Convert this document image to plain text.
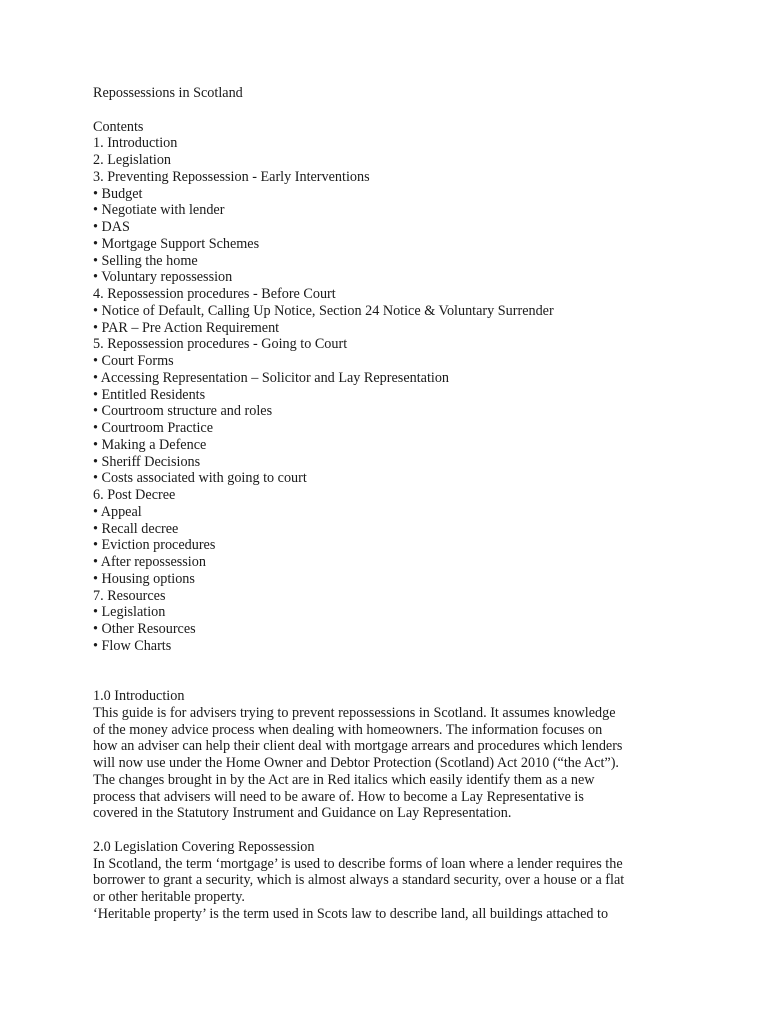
Repossessions in Scotland
Contents
1. Introduction
2. Legislation
3. Preventing Repossession - Early Interventions
• Budget
• Negotiate with lender
• DAS
• Mortgage Support Schemes
• Selling the home
• Voluntary repossession
4. Repossession procedures - Before Court
• Notice of Default, Calling Up Notice, Section 24 Notice & Voluntary Surrender
• PAR – Pre Action Requirement
5. Repossession procedures - Going to Court
• Court Forms
• Accessing Representation – Solicitor and Lay Representation
• Entitled Residents
• Courtroom structure and roles
• Courtroom Practice
• Making a Defence
• Sheriff Decisions
• Costs associated with going to court
6. Post Decree
• Appeal
• Recall decree
• Eviction procedures
• After repossession
• Housing options
7. Resources
• Legislation
• Other Resources
• Flow Charts
1.0 Introduction
This guide is for advisers trying to prevent repossessions in Scotland. It assumes knowledge
of the money advice process when dealing with homeowners. The information focuses on
how an adviser can help their client deal with mortgage arrears and procedures which lenders
will now use under the Home Owner and Debtor Protection (Scotland) Act 2010 (“the Act”).
The changes brought in by the Act are in Red italics which easily identify them as a new
process that advisers will need to be aware of. How to become a Lay Representative is
covered in the Statutory Instrument and Guidance on Lay Representation.
2.0 Legislation Covering Repossession
In Scotland, the term ‘mortgage’ is used to describe forms of loan where a lender requires the
borrower to grant a security, which is almost always a standard security, over a house or a flat
or other heritable property.
‘Heritable property’ is the term used in Scots law to describe land, all buildings attached to
